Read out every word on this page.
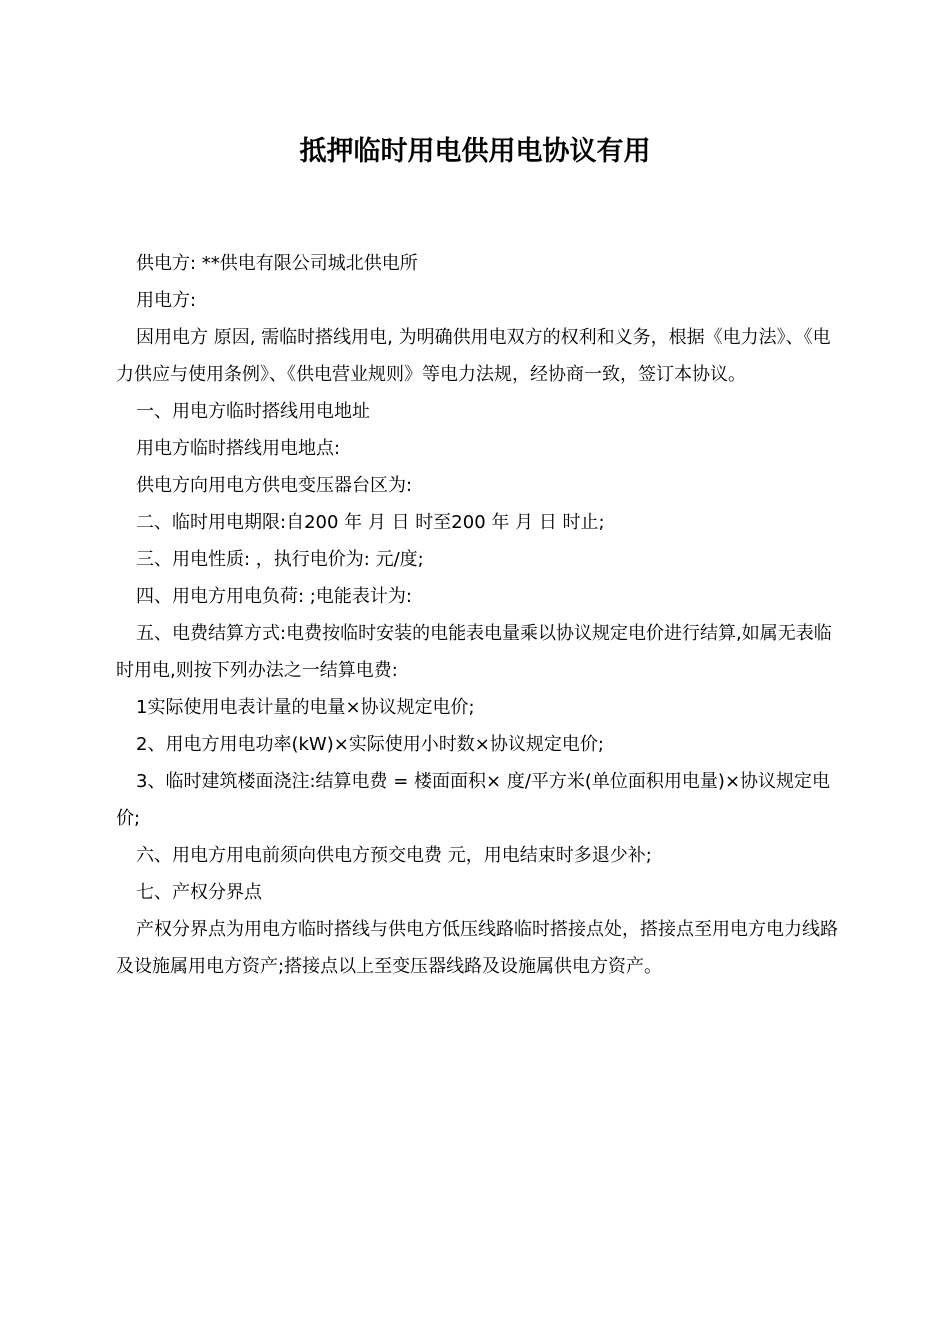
抵押临时用电供用电协议有用

供电方: **供电有限公司城北供电所

用电方:

因用电方 原因, 需临时搭线用电, 为明确供用电双方的权利和义务，根据《电力法》、《电力供应与使用条例》、《供电营业规则》等电力法规，经协商一致，签订本协议。

一、用电方临时搭线用电地址

用电方临时搭线用电地点:

供电方向用电方供电变压器台区为:

二、临时用电期限:自200 年 月 日 时至200 年 月 日 时止;

三、用电性质: ，执行电价为: 元/度;

四、用电方用电负荷: ;电能表计为:

五、电费结算方式:电费按临时安装的电能表电量乘以协议规定电价进行结算,如属无表临时用电,则按下列办法之一结算电费:

1实际使用电表计量的电量×协议规定电价;

2、用电方用电功率(kW)×实际使用小时数×协议规定电价;

3、临时建筑楼面浇注:结算电费 = 楼面面积× 度/平方米(单位面积用电量)×协议规定电价;

六、用电方用电前须向供电方预交电费 元，用电结束时多退少补;

七、产权分界点

产权分界点为用电方临时搭线与供电方低压线路临时搭接点处，搭接点至用电方电力线路及设施属用电方资产;搭接点以上至变压器线路及设施属供电方资产。
